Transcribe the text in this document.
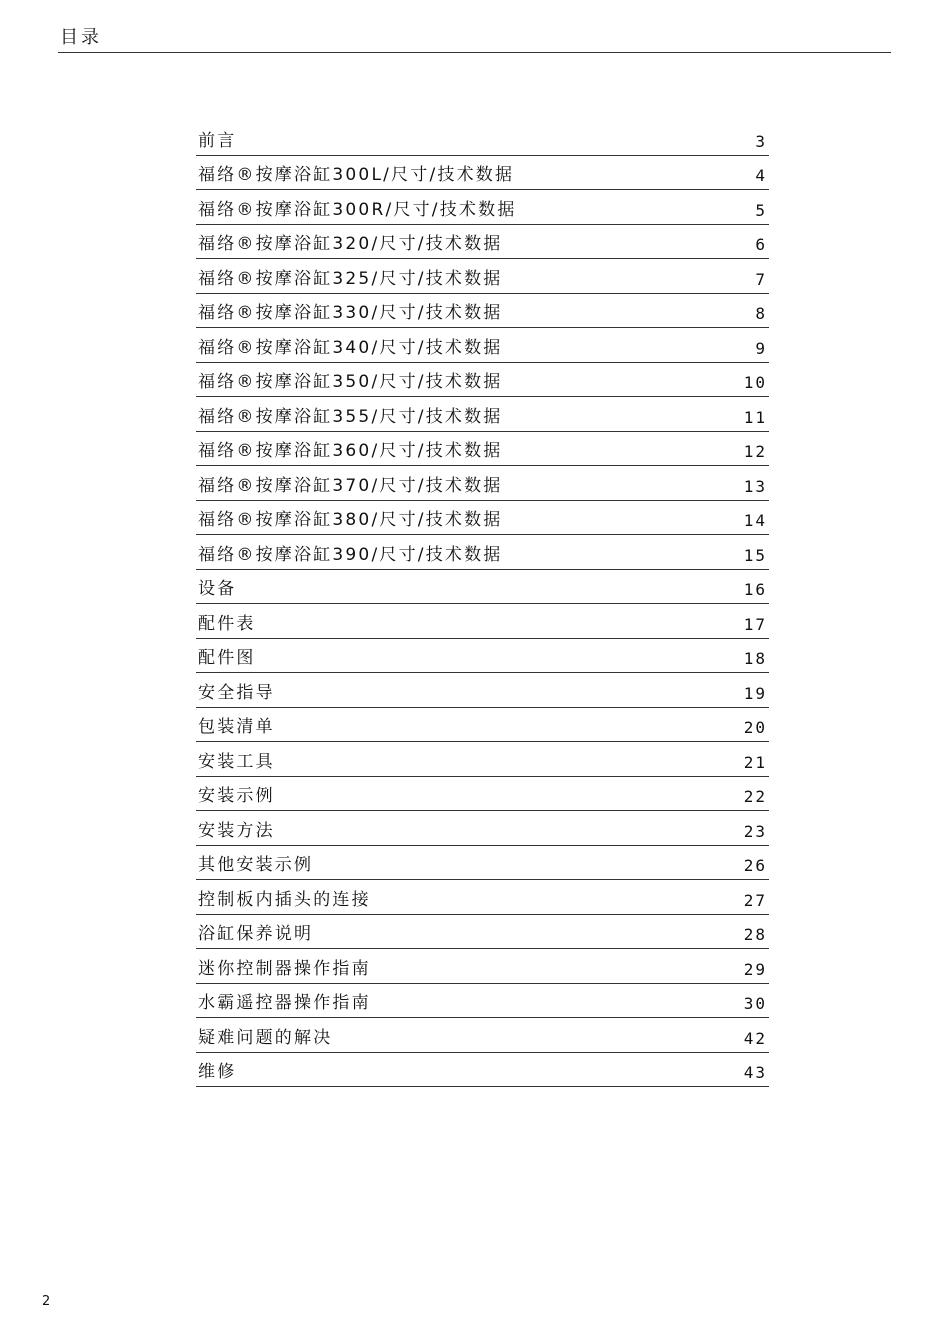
目录
前言	3
福络®按摩浴缸300L/尺寸/技术数据	4
福络®按摩浴缸300R/尺寸/技术数据	5
福络®按摩浴缸320/尺寸/技术数据	6
福络®按摩浴缸325/尺寸/技术数据	7
福络®按摩浴缸330/尺寸/技术数据	8
福络®按摩浴缸340/尺寸/技术数据	9
福络®按摩浴缸350/尺寸/技术数据	10
福络®按摩浴缸355/尺寸/技术数据	11
福络®按摩浴缸360/尺寸/技术数据	12
福络®按摩浴缸370/尺寸/技术数据	13
福络®按摩浴缸380/尺寸/技术数据	14
福络®按摩浴缸390/尺寸/技术数据	15
设备	16
配件表	17
配件图	18
安全指导	19
包装清单	20
安装工具	21
安装示例	22
安装方法	23
其他安装示例	26
控制板内插头的连接	27
浴缸保养说明	28
迷你控制器操作指南	29
水霸遥控器操作指南	30
疑难问题的解决	42
维修	43
2
